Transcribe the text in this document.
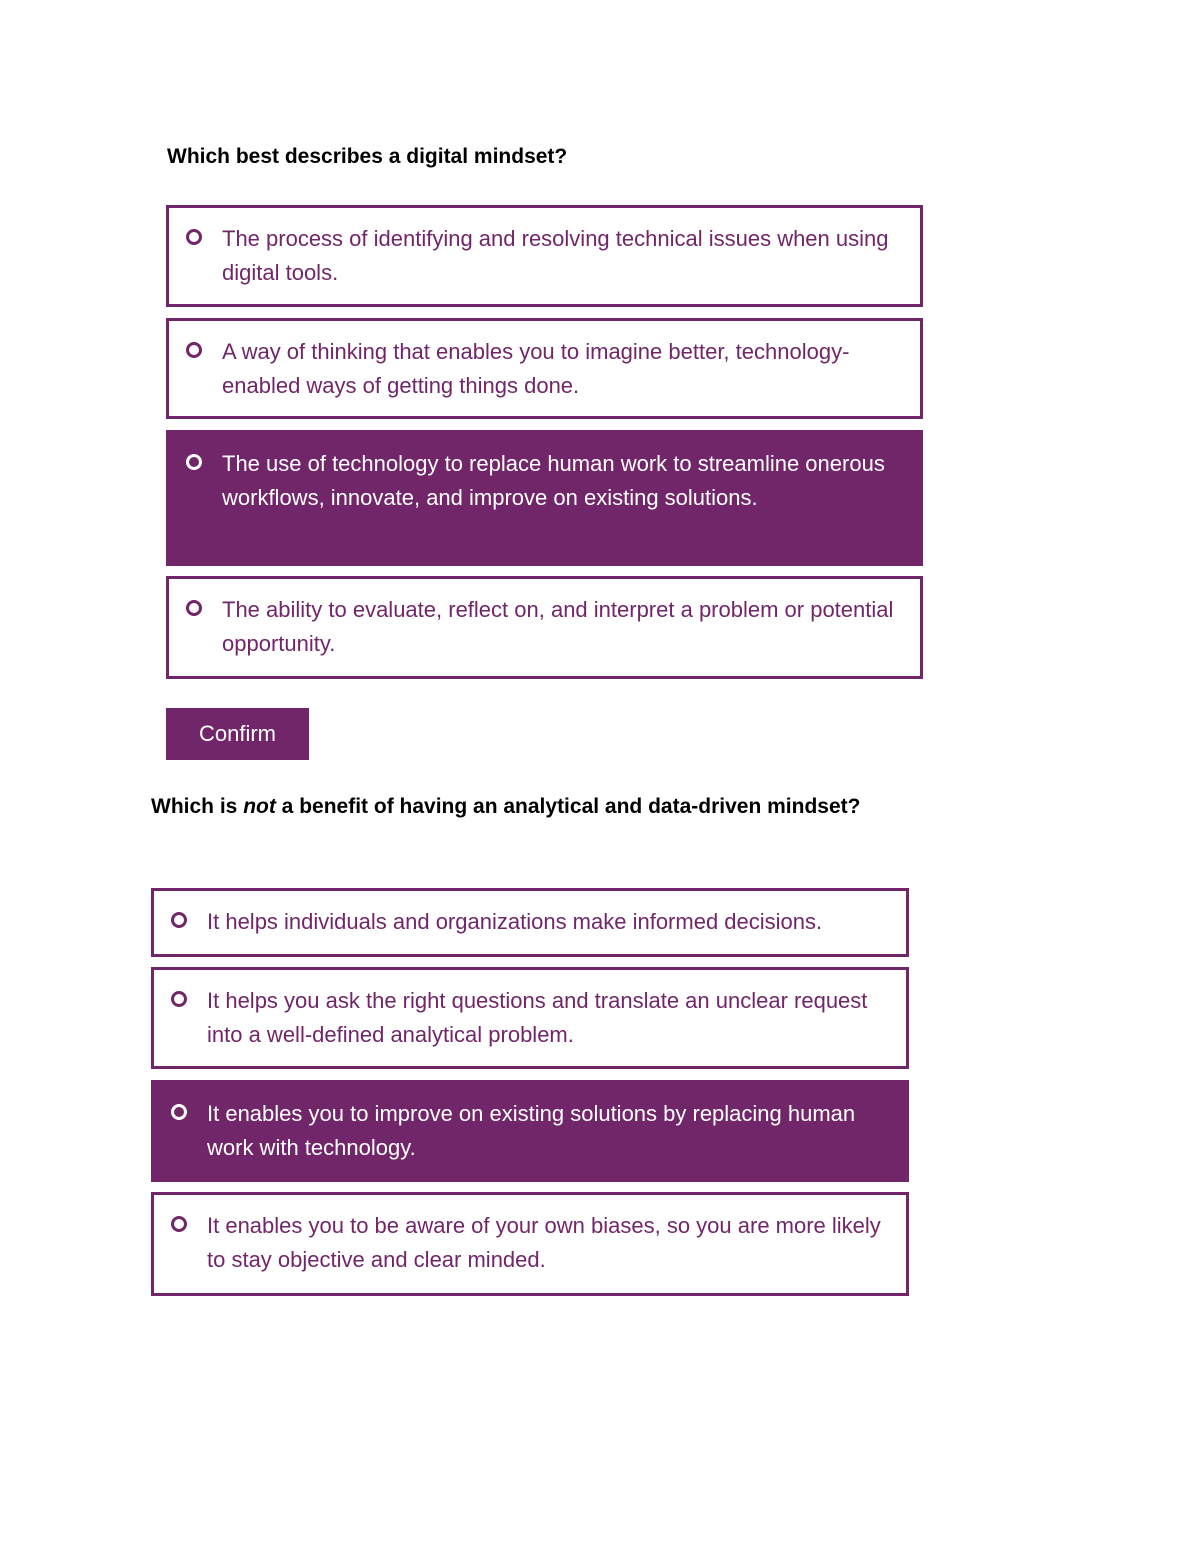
Which best describes a digital mindset?
The process of identifying and resolving technical issues when using digital tools.
A way of thinking that enables you to imagine better, technology-enabled ways of getting things done.
The use of technology to replace human work to streamline onerous workflows, innovate, and improve on existing solutions.
The ability to evaluate, reflect on, and interpret a problem or potential opportunity.
Confirm
Which is not a benefit of having an analytical and data-driven mindset?
It helps individuals and organizations make informed decisions.
It helps you ask the right questions and translate an unclear request into a well-defined analytical problem.
It enables you to improve on existing solutions by replacing human work with technology.
It enables you to be aware of your own biases, so you are more likely to stay objective and clear minded.
